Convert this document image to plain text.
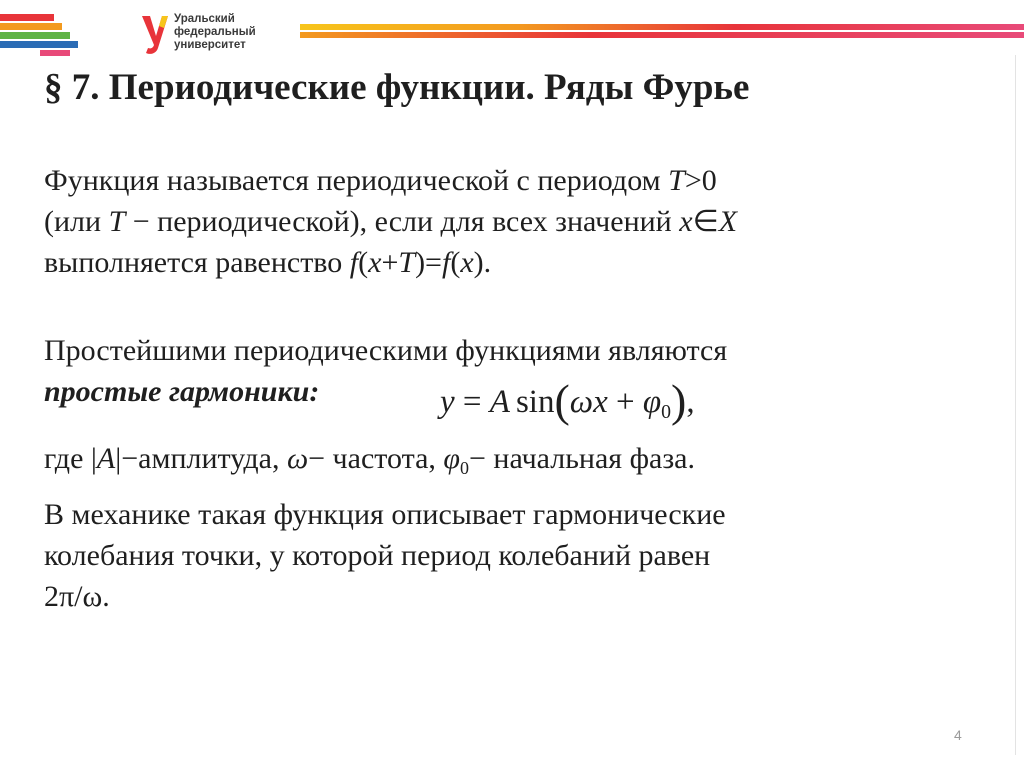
Уральский
федеральный
университет
§ 7. Периодические функции. Ряды Фурье
Функция называется периодической с периодом T>0
(или T − периодической), если для всех значений x∈X
выполняется равенство f(x+T)=f(x).
Простейшими периодическими функциями являются
простые гармоники:	y = A $\sin(\omega x + \varphi_0)$,
где |A|−амплитуда, ω− частота, $\varphi_0-$ начальная фаза.
В механике такая функция описывает гармонические
колебания точки, у которой период колебаний равен
2π/ω.
4
